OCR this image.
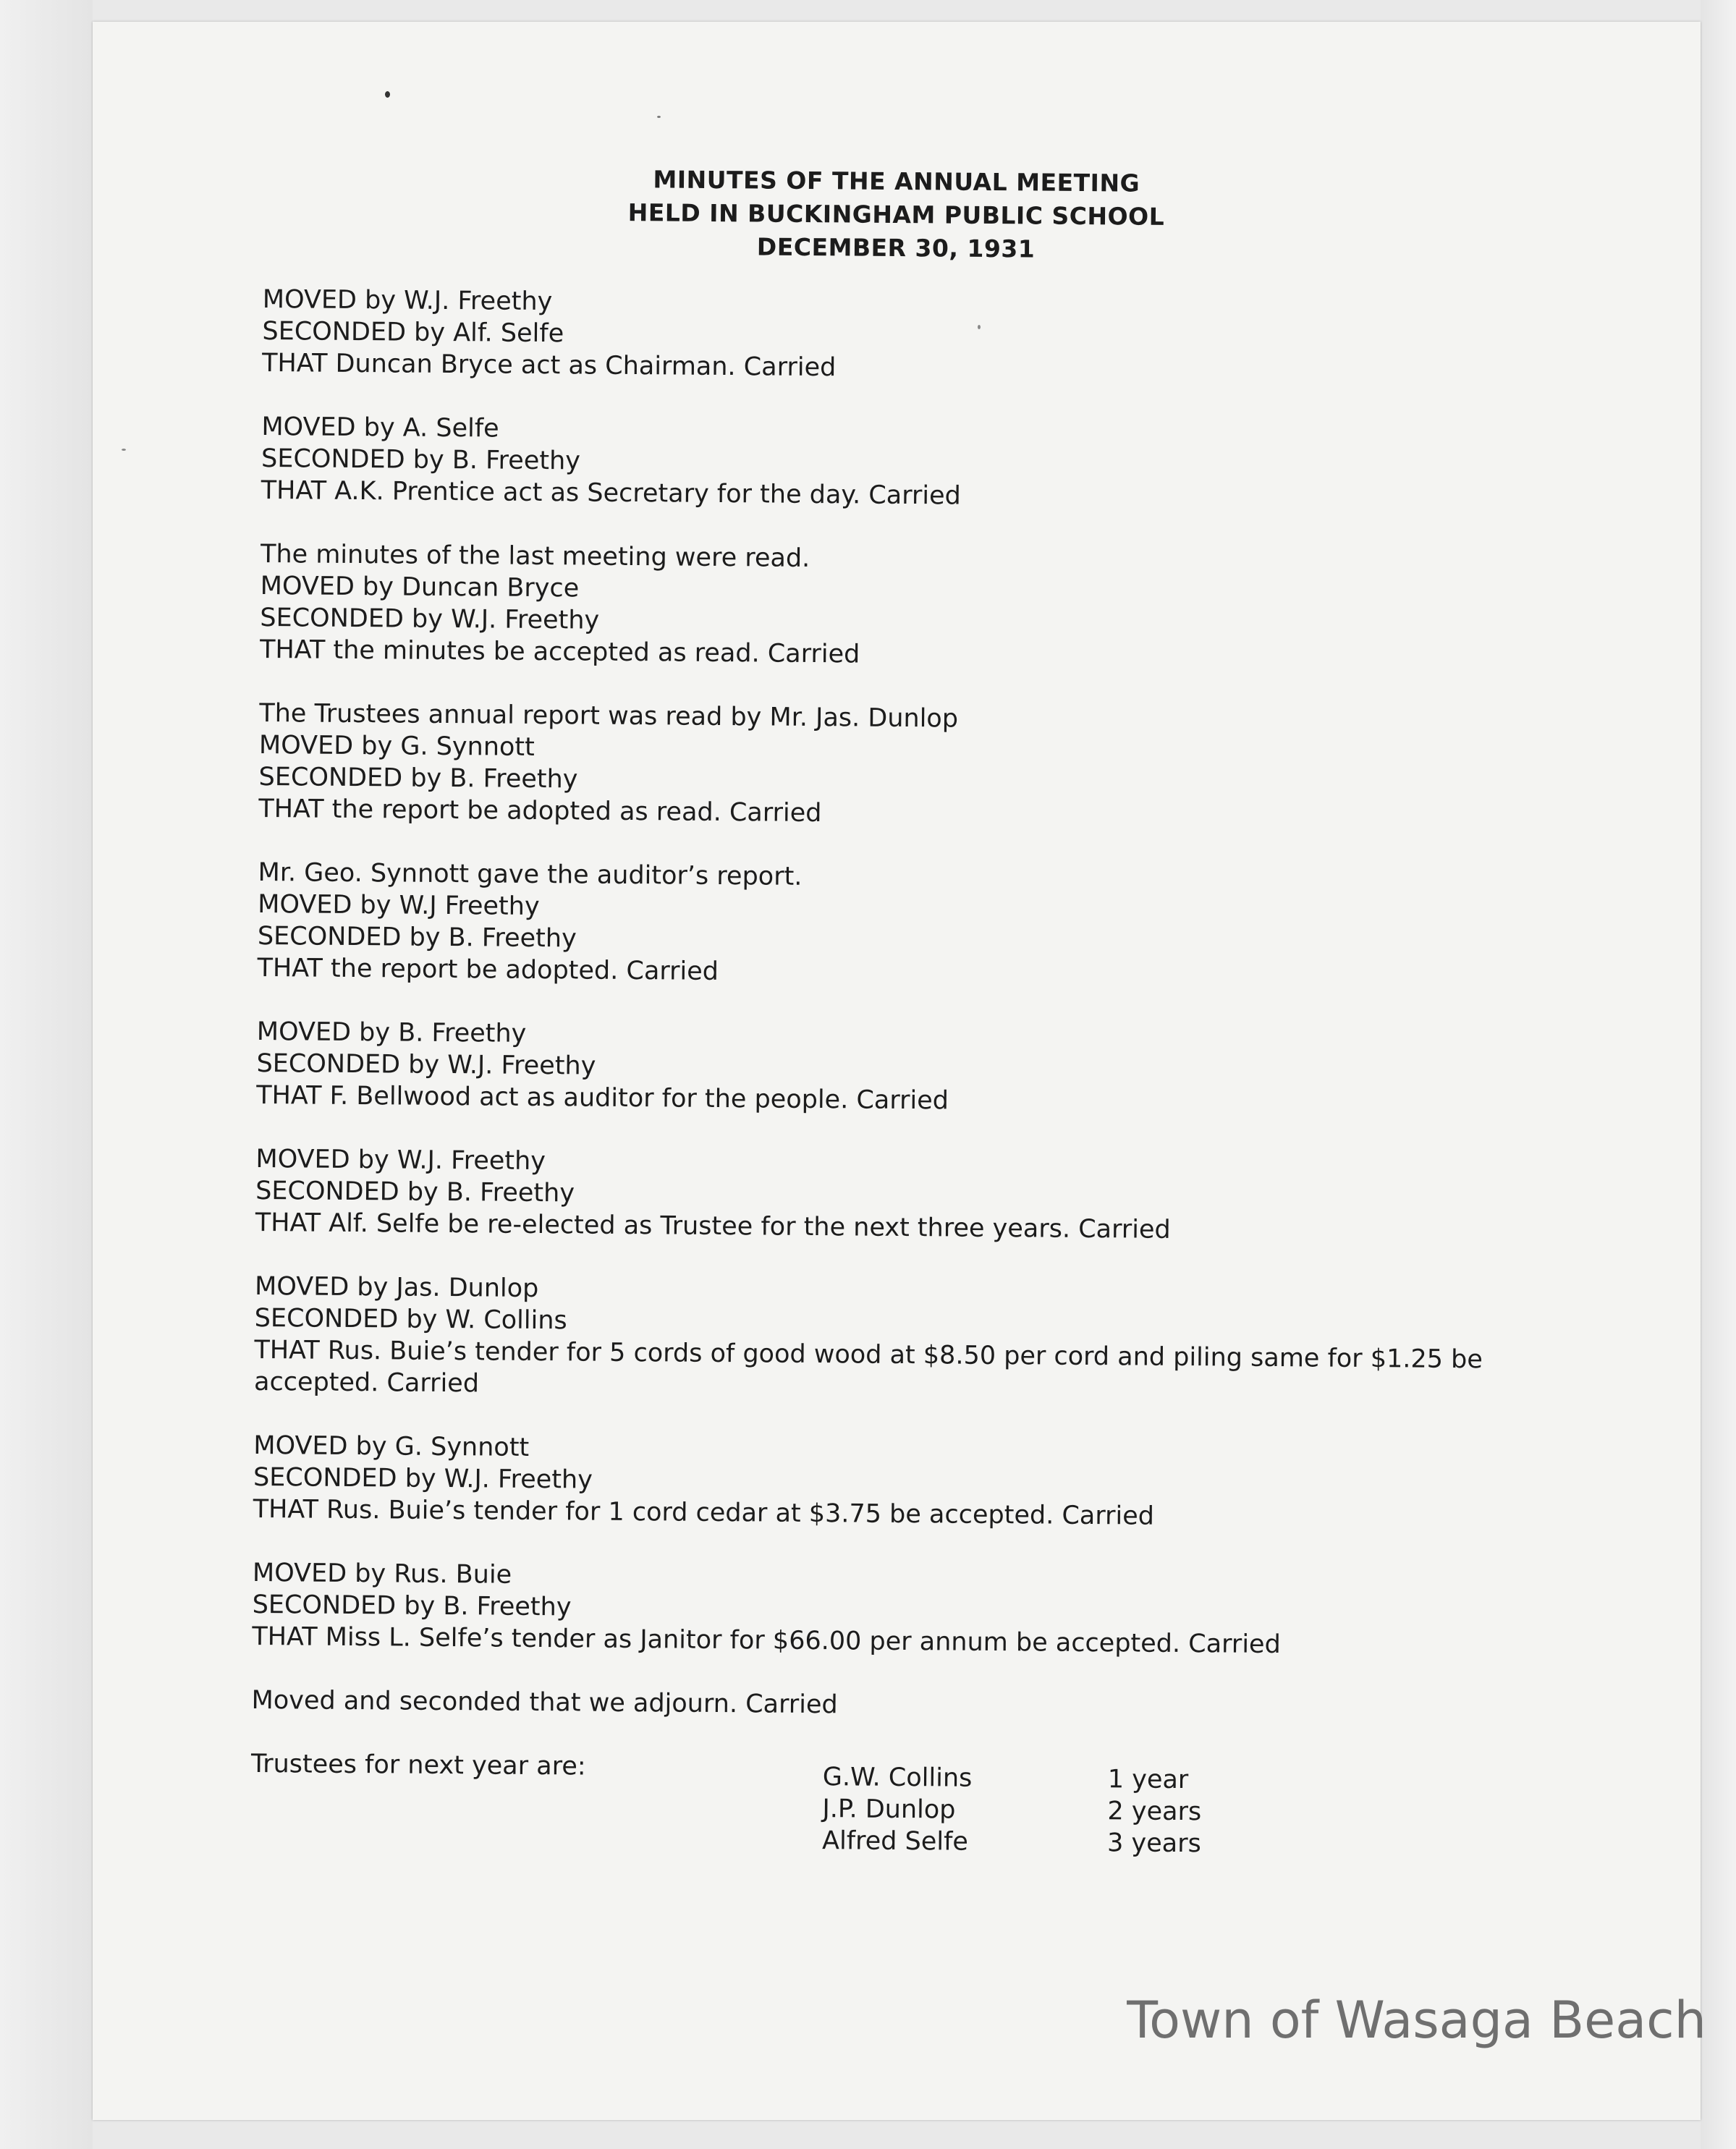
MINUTES OF THE ANNUAL MEETING
HELD IN BUCKINGHAM PUBLIC SCHOOL
DECEMBER 30, 1931
MOVED by W.J. Freethy
SECONDED by Alf. Selfe
THAT Duncan Bryce act as Chairman. Carried
MOVED by A. Selfe
SECONDED by B. Freethy
THAT A.K. Prentice act as Secretary for the day. Carried
The minutes of the last meeting were read.
MOVED by Duncan Bryce
SECONDED by W.J. Freethy
THAT the minutes be accepted as read. Carried
The Trustees annual report was read by Mr. Jas. Dunlop
MOVED by G. Synnott
SECONDED by B. Freethy
THAT the report be adopted as read. Carried
Mr. Geo. Synnott gave the auditor’s report.
MOVED by W.J Freethy
SECONDED by B. Freethy
THAT the report be adopted. Carried
MOVED by B. Freethy
SECONDED by W.J. Freethy
THAT F. Bellwood act as auditor for the people. Carried
MOVED by W.J. Freethy
SECONDED by B. Freethy
THAT Alf. Selfe be re-elected as Trustee for the next three years. Carried
MOVED by Jas. Dunlop
SECONDED by W. Collins
THAT Rus. Buie’s tender for 5 cords of good wood at $8.50 per cord and piling same for $1.25 be accepted. Carried
MOVED by G. Synnott
SECONDED by W.J. Freethy
THAT Rus. Buie’s tender for 1 cord cedar at $3.75 be accepted. Carried
MOVED by Rus. Buie
SECONDED by B. Freethy
THAT Miss L. Selfe’s tender as Janitor for $66.00 per annum be accepted. Carried
Moved and seconded that we adjourn. Carried
Trustees for next year are:	G.W. Collins	1 year
J.P. Dunlop	2 years
Alfred Selfe	3 years
Town of Wasaga Beach
